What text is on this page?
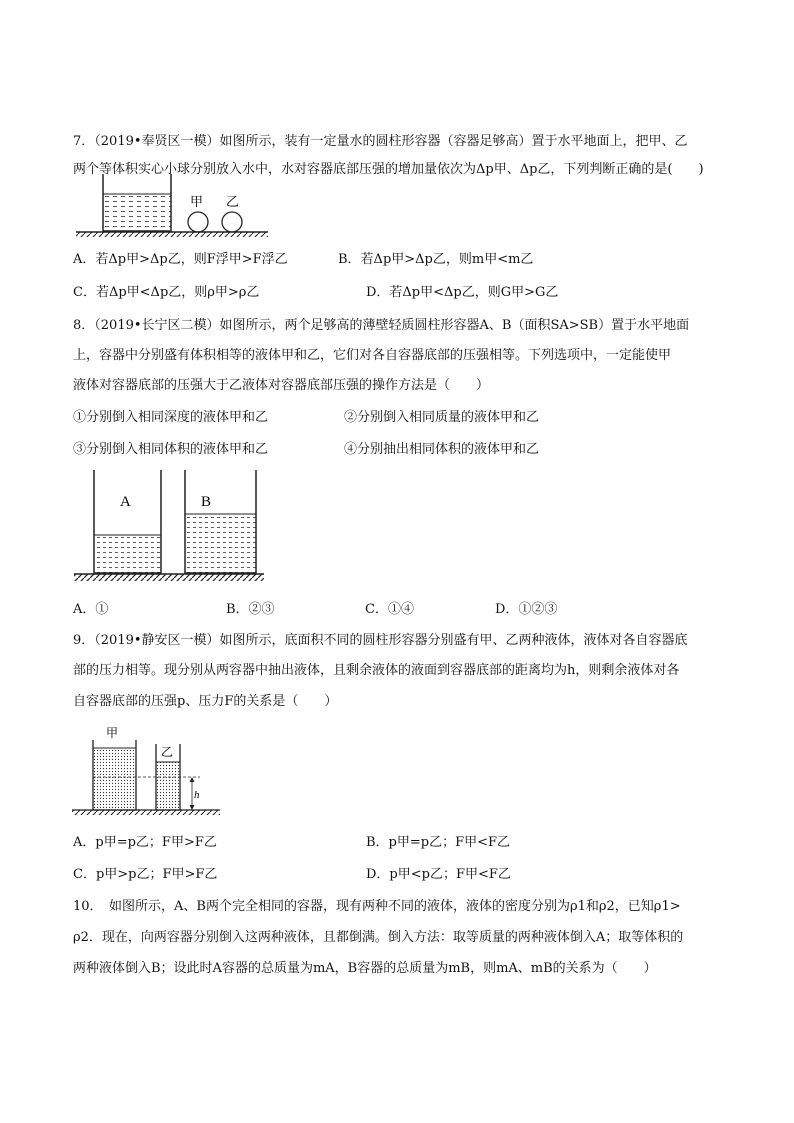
7．（2019•奉贤区一模）如图所示，装有一定量水的圆柱形容器（容器足够高）置于水平地面上，把甲、乙
两个等体积实心小球分别放入水中，水对容器底部压强的增加量依次为Δp甲、Δp乙，下列判断正确的是(　　)
甲 乙
A．若Δp甲>Δp乙，则F浮甲>F浮乙	B．若Δp甲>Δp乙，则m甲<m乙
C．若Δp甲<Δp乙，则ρ甲>ρ乙	D．若Δp甲<Δp乙，则G甲>G乙
8．（2019•长宁区二模）如图所示，两个足够高的薄壁轻质圆柱形容器A、B（面积SA>SB）置于水平地面
上，容器中分别盛有体积相等的液体甲和乙，它们对各自容器底部的压强相等。下列选项中，一定能使甲
液体对容器底部的压强大于乙液体对容器底部压强的操作方法是（　　）
①分别倒入相同深度的液体甲和乙	②分别倒入相同质量的液体甲和乙
③分别倒入相同体积的液体甲和乙	④分别抽出相同体积的液体甲和乙
A	B
A．①	B．②③	C．①④	D．①②③
9．（2019•静安区一模）如图所示，底面积不同的圆柱形容器分别盛有甲、乙两种液体，液体对各自容器底
部的压力相等。现分别从两容器中抽出液体，且剩余液体的液面到容器底部的距离均为h，则剩余液体对各
自容器底部的压强p、压力F的关系是（　　）
甲
乙
h
A．p甲=p乙；F甲>F乙	B．p甲=p乙；F甲<F乙
C．p甲>p乙；F甲>F乙	D．p甲<p乙；F甲<F乙
10．　如图所示，A、B两个完全相同的容器，现有两种不同的液体，液体的密度分别为ρ1和ρ2，已知ρ1>
ρ2．现在，向两容器分别倒入这两种液体，且都倒满。倒入方法：取等质量的两种液体倒入A；取等体积的
两种液体倒入B；设此时A容器的总质量为mA，B容器的总质量为mB，则mA、mB的关系为（　　）
